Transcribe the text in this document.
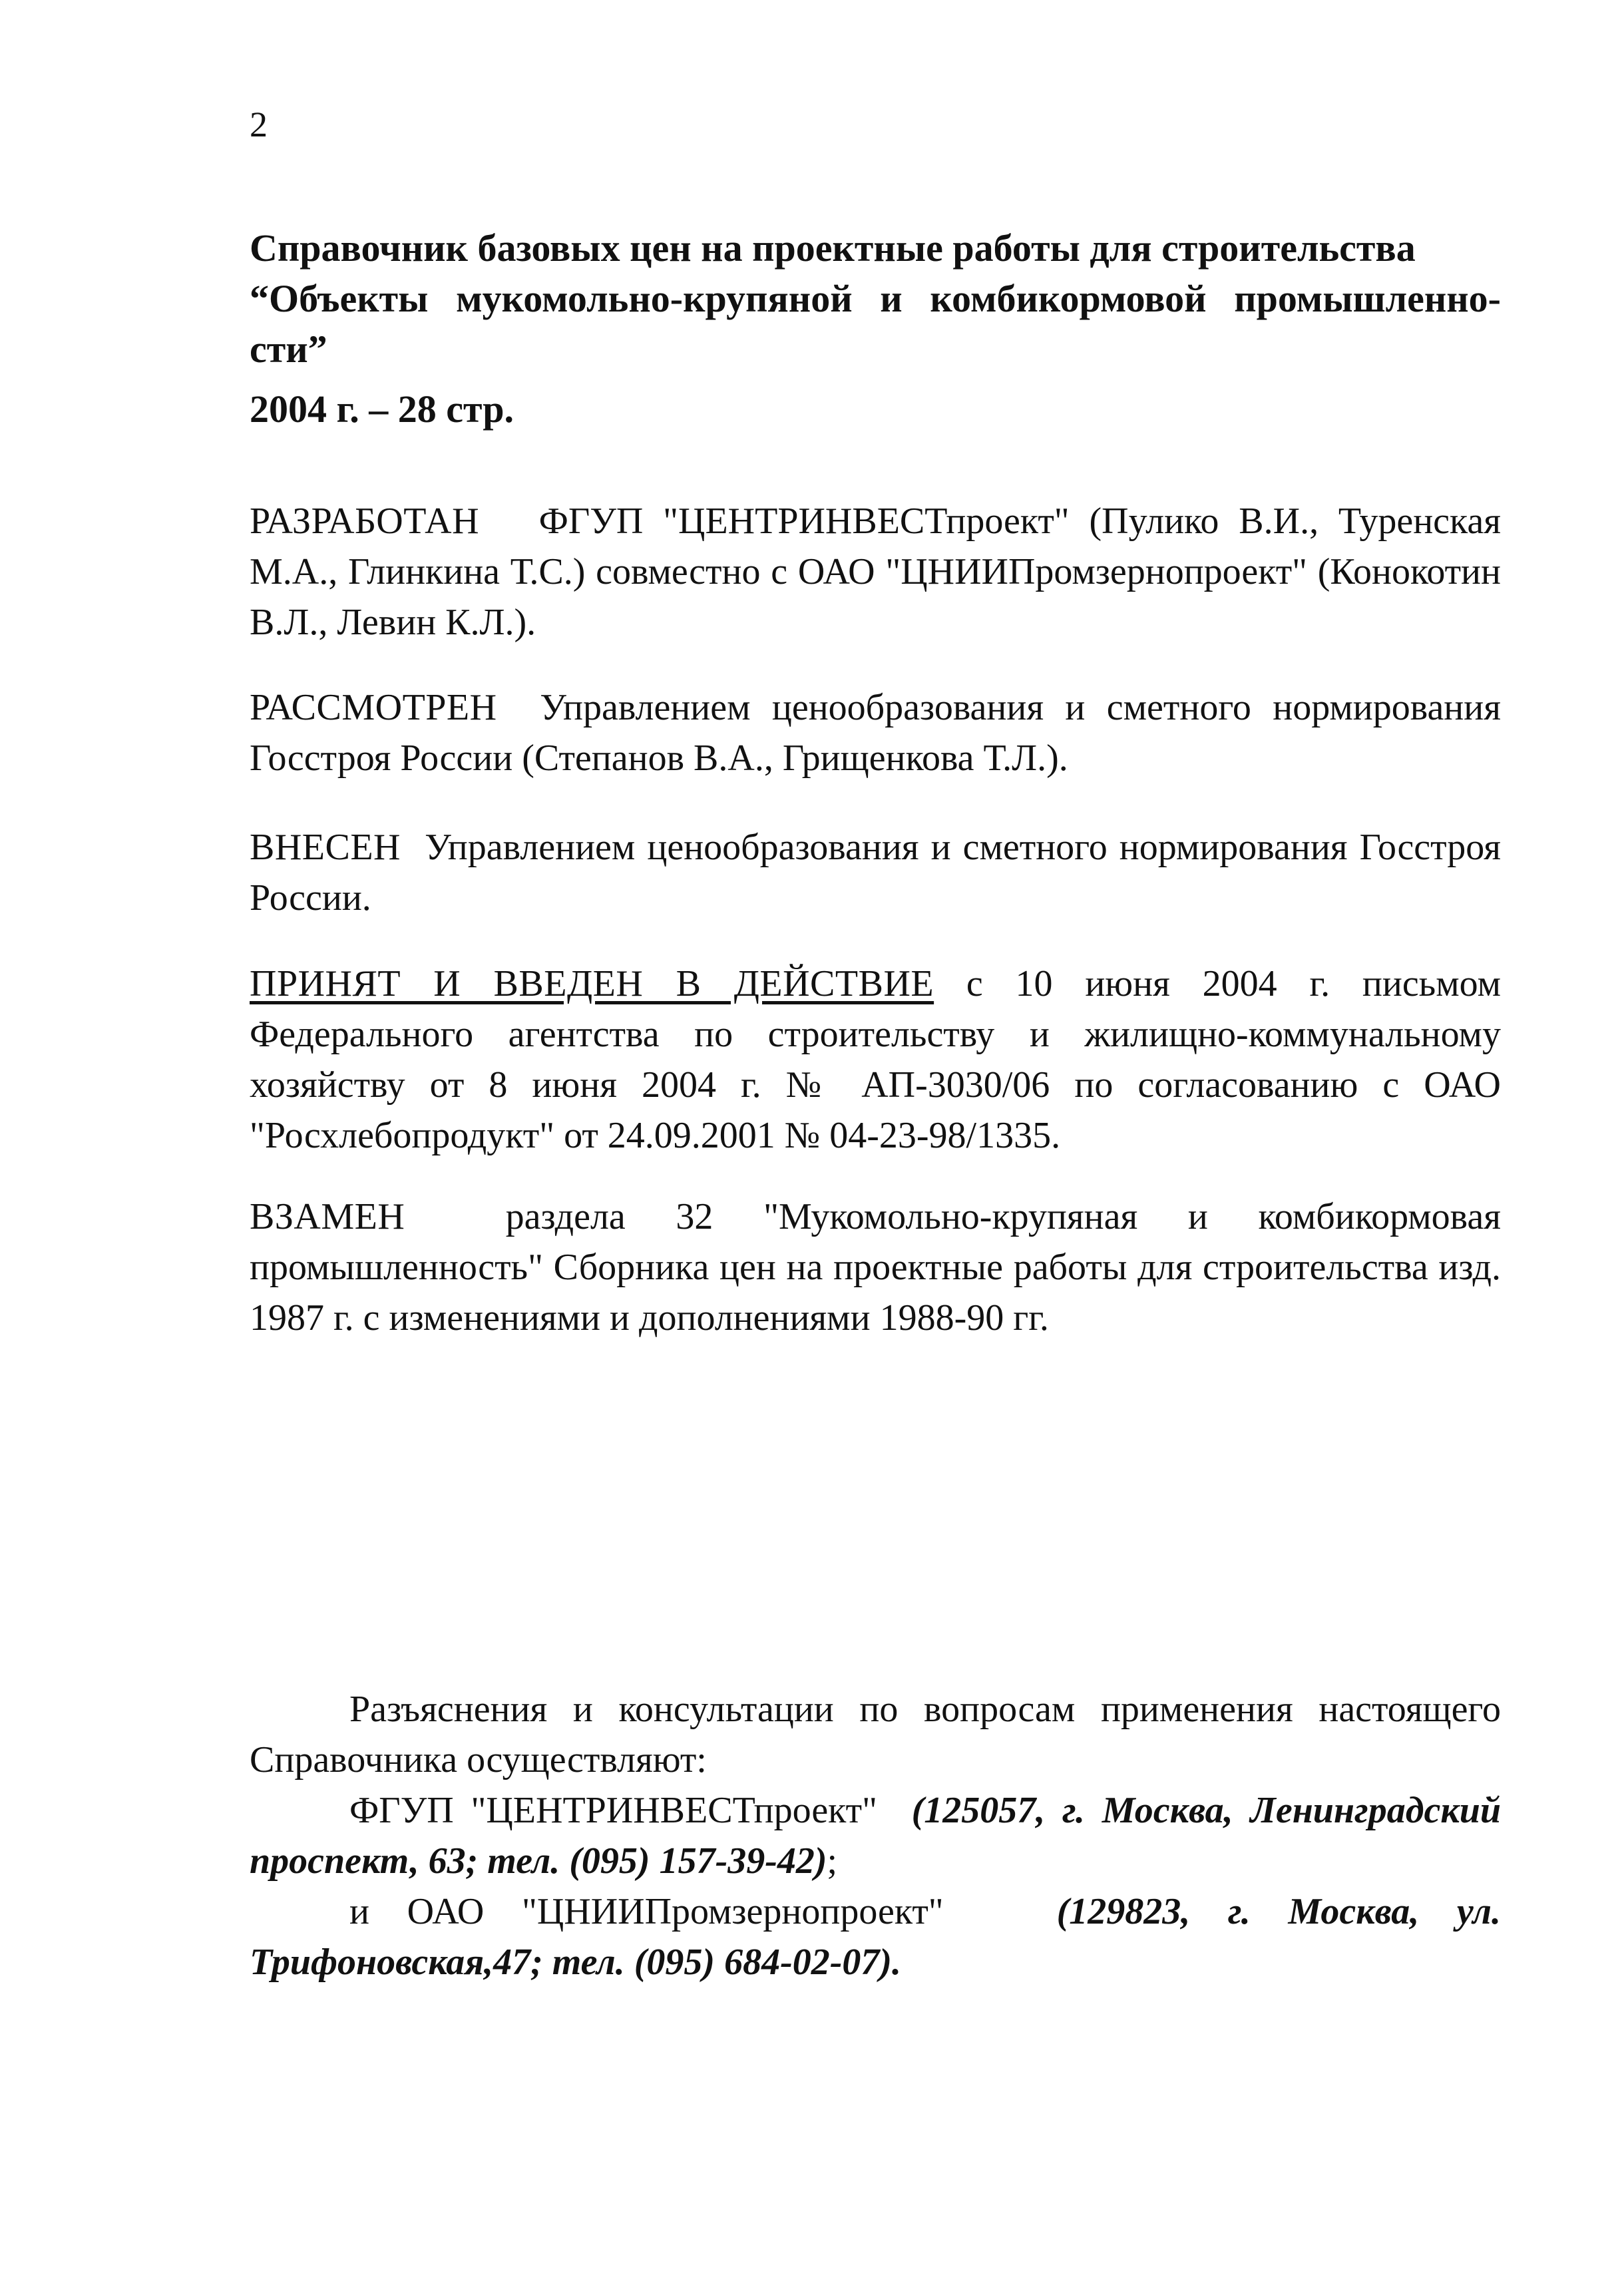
2
Справочник базовых цен на проектные работы для строительства
“Объекты мукомольно-крупяной и комбикормовой промышленно-
сти”
2004 г. – 28 стр.
РАЗРАБОТАН ФГУП "ЦЕНТРИНВЕСТпроект" (Пулико В.И., Туренская М.А., Глинкина Т.С.) совместно с ОАО "ЦНИИПромзернопроект" (Конокотин В.Л., Левин К.Л.).
РАССМОТРЕН Управлением ценообразования и сметного нормирования Госстроя России (Степанов В.А., Грищенкова Т.Л.).
ВНЕСЕН Управлением ценообразования и сметного нормирования Госстроя России.
ПРИНЯТ И ВВЕДЕН В ДЕЙСТВИЕ с 10 июня 2004 г. письмом Федерального агентства по строительству и жилищно-коммунальному хозяйству от 8 июня 2004 г. № АП-3030/06 по согласованию с ОАО "Росхлебопродукт" от 24.09.2001 № 04-23-98/1335.
ВЗАМЕН	раздела 32 "Мукомольно-крупяная и комбикормовая промышленность" Сборника цен на проектные работы для строительства изд. 1987 г. с изменениями и дополнениями 1988-90 гг.
Разъяснения и консультации по вопросам применения настоящего Справочника осуществляют:
ФГУП "ЦЕНТРИНВЕСТпроект" (125057, г. Москва, Ленинградский проспект, 63; тел. (095) 157-39-42);
и ОАО "ЦНИИПромзернопроект"	(129823, г. Москва, ул. Трифоновская,47; тел. (095) 684-02-07).
